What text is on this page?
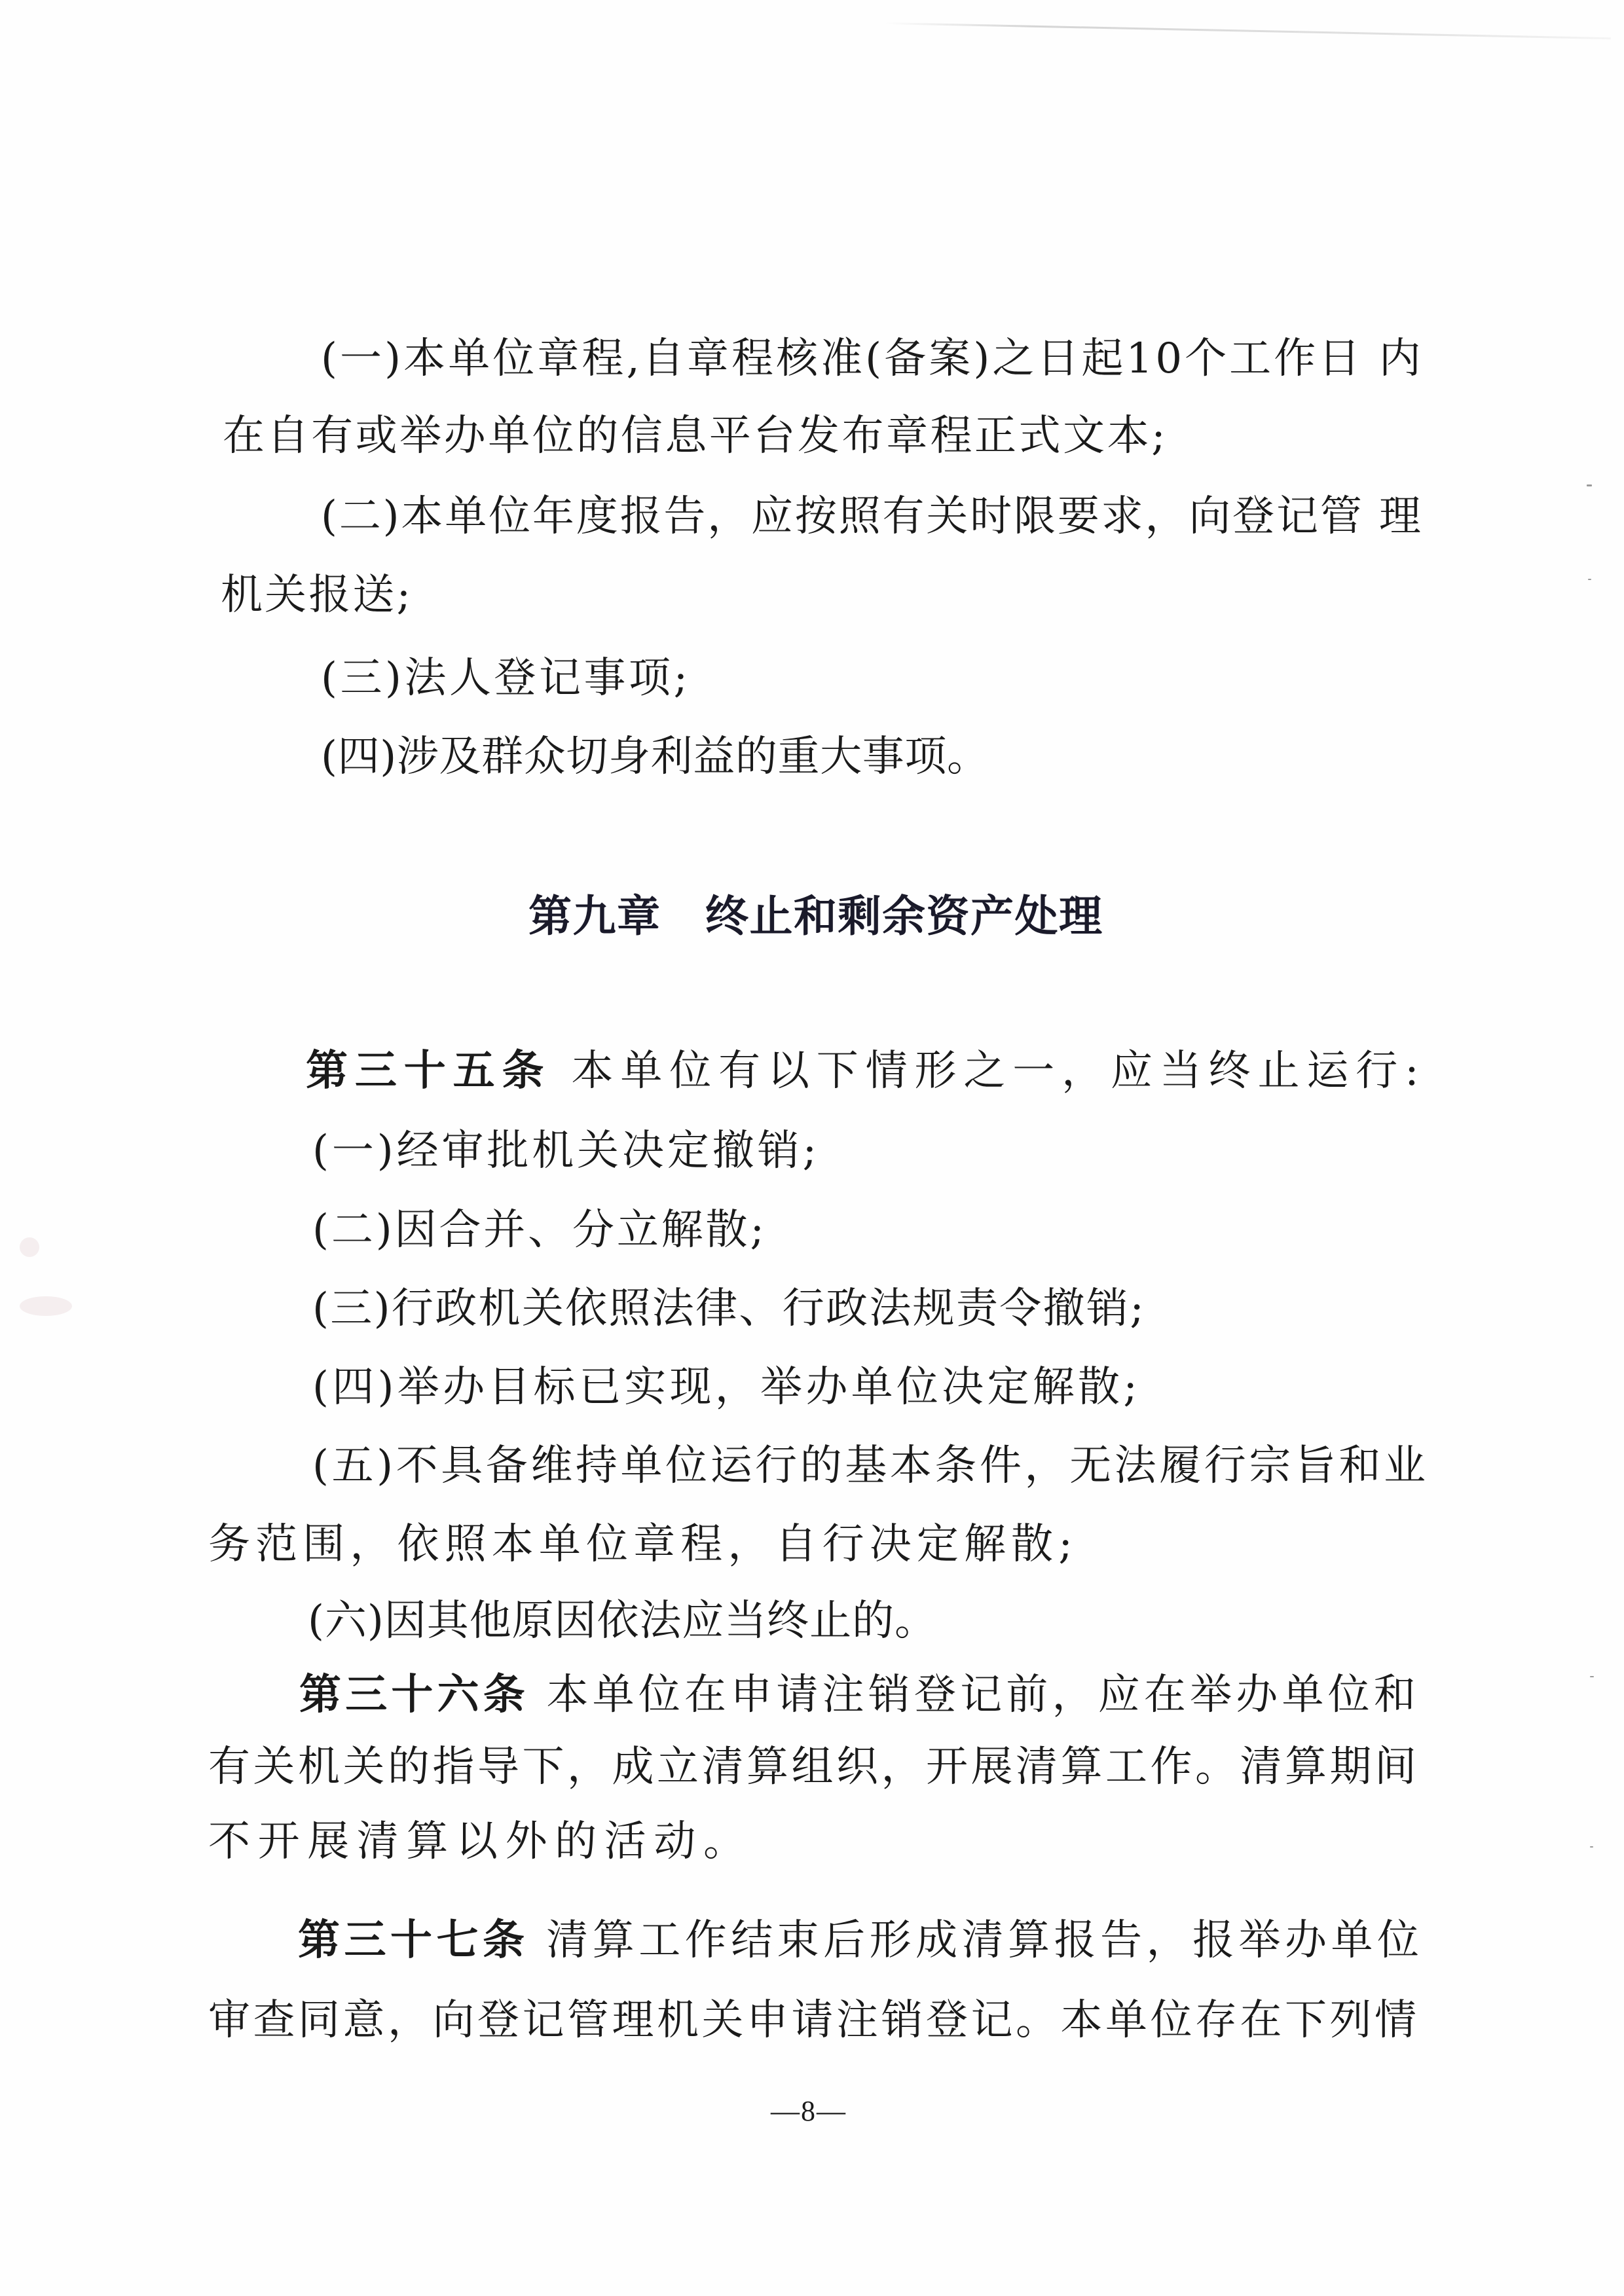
( 一 ) 本 单 位 章 程 , 自 章 程 核 准 ( 备 案 ) 之 日 起 1 0 个 工 作 日
内
在 自 有 或 举 办 单 位 的 信 息 平 台 发 布 章 程 正 式 文 本 ;
( 二 ) 本 单 位 年 度 报 告 ， 应 按 照 有 关 时 限 要 求 ， 向 登 记 管
理
机 关 报 送 ;
( 三 ) 法 人 登 记 事 项 ;
( 四 ) 涉 及 群 众 切 身 利 益 的 重 大 事 项 。
第 九 章
　 终 止 和 剩 余 资 产 处 理
第 三 十 五 条
本 单 位 有 以 下 情 形 之 一 ， 应 当 终 止 运 行 :
( 一 ) 经 审 批 机 关 决 定 撤 销 ;
( 二 ) 因 合 并 、 分 立 解 散 ;
( 三 ) 行 政 机 关 依 照 法 律 、 行 政 法 规 责 令 撤 销 ;
( 四 ) 举 办 目 标 已 实 现 ， 举 办 单 位 决 定 解 散 ;
( 五 ) 不 具 备 维 持 单 位 运 行 的 基 本 条 件 ， 无 法 履 行 宗 旨 和 业
务 范 围 ， 依 照 本 单 位 章 程 ， 自 行 决 定 解 散 ;
( 六 ) 因 其 他 原 因 依 法 应 当 终 止 的 。
第 三 十 六 条
本 单 位 在 申 请 注 销 登 记 前 ， 应 在 举 办 单 位 和
有 关 机 关 的 指 导 下 ， 成 立 清 算 组 织 ， 开 展 清 算 工 作 。 清 算 期 间
不 开 展 清 算 以 外 的 活 动 。
第 三 十 七 条
清 算 工 作 结 束 后 形 成 清 算 报 告 ， 报 举 办 单 位
审 查 同 意 ， 向 登 记 管 理 机 关 申 请 注 销 登 记 。 本 单 位 存 在 下 列 情
—8—
